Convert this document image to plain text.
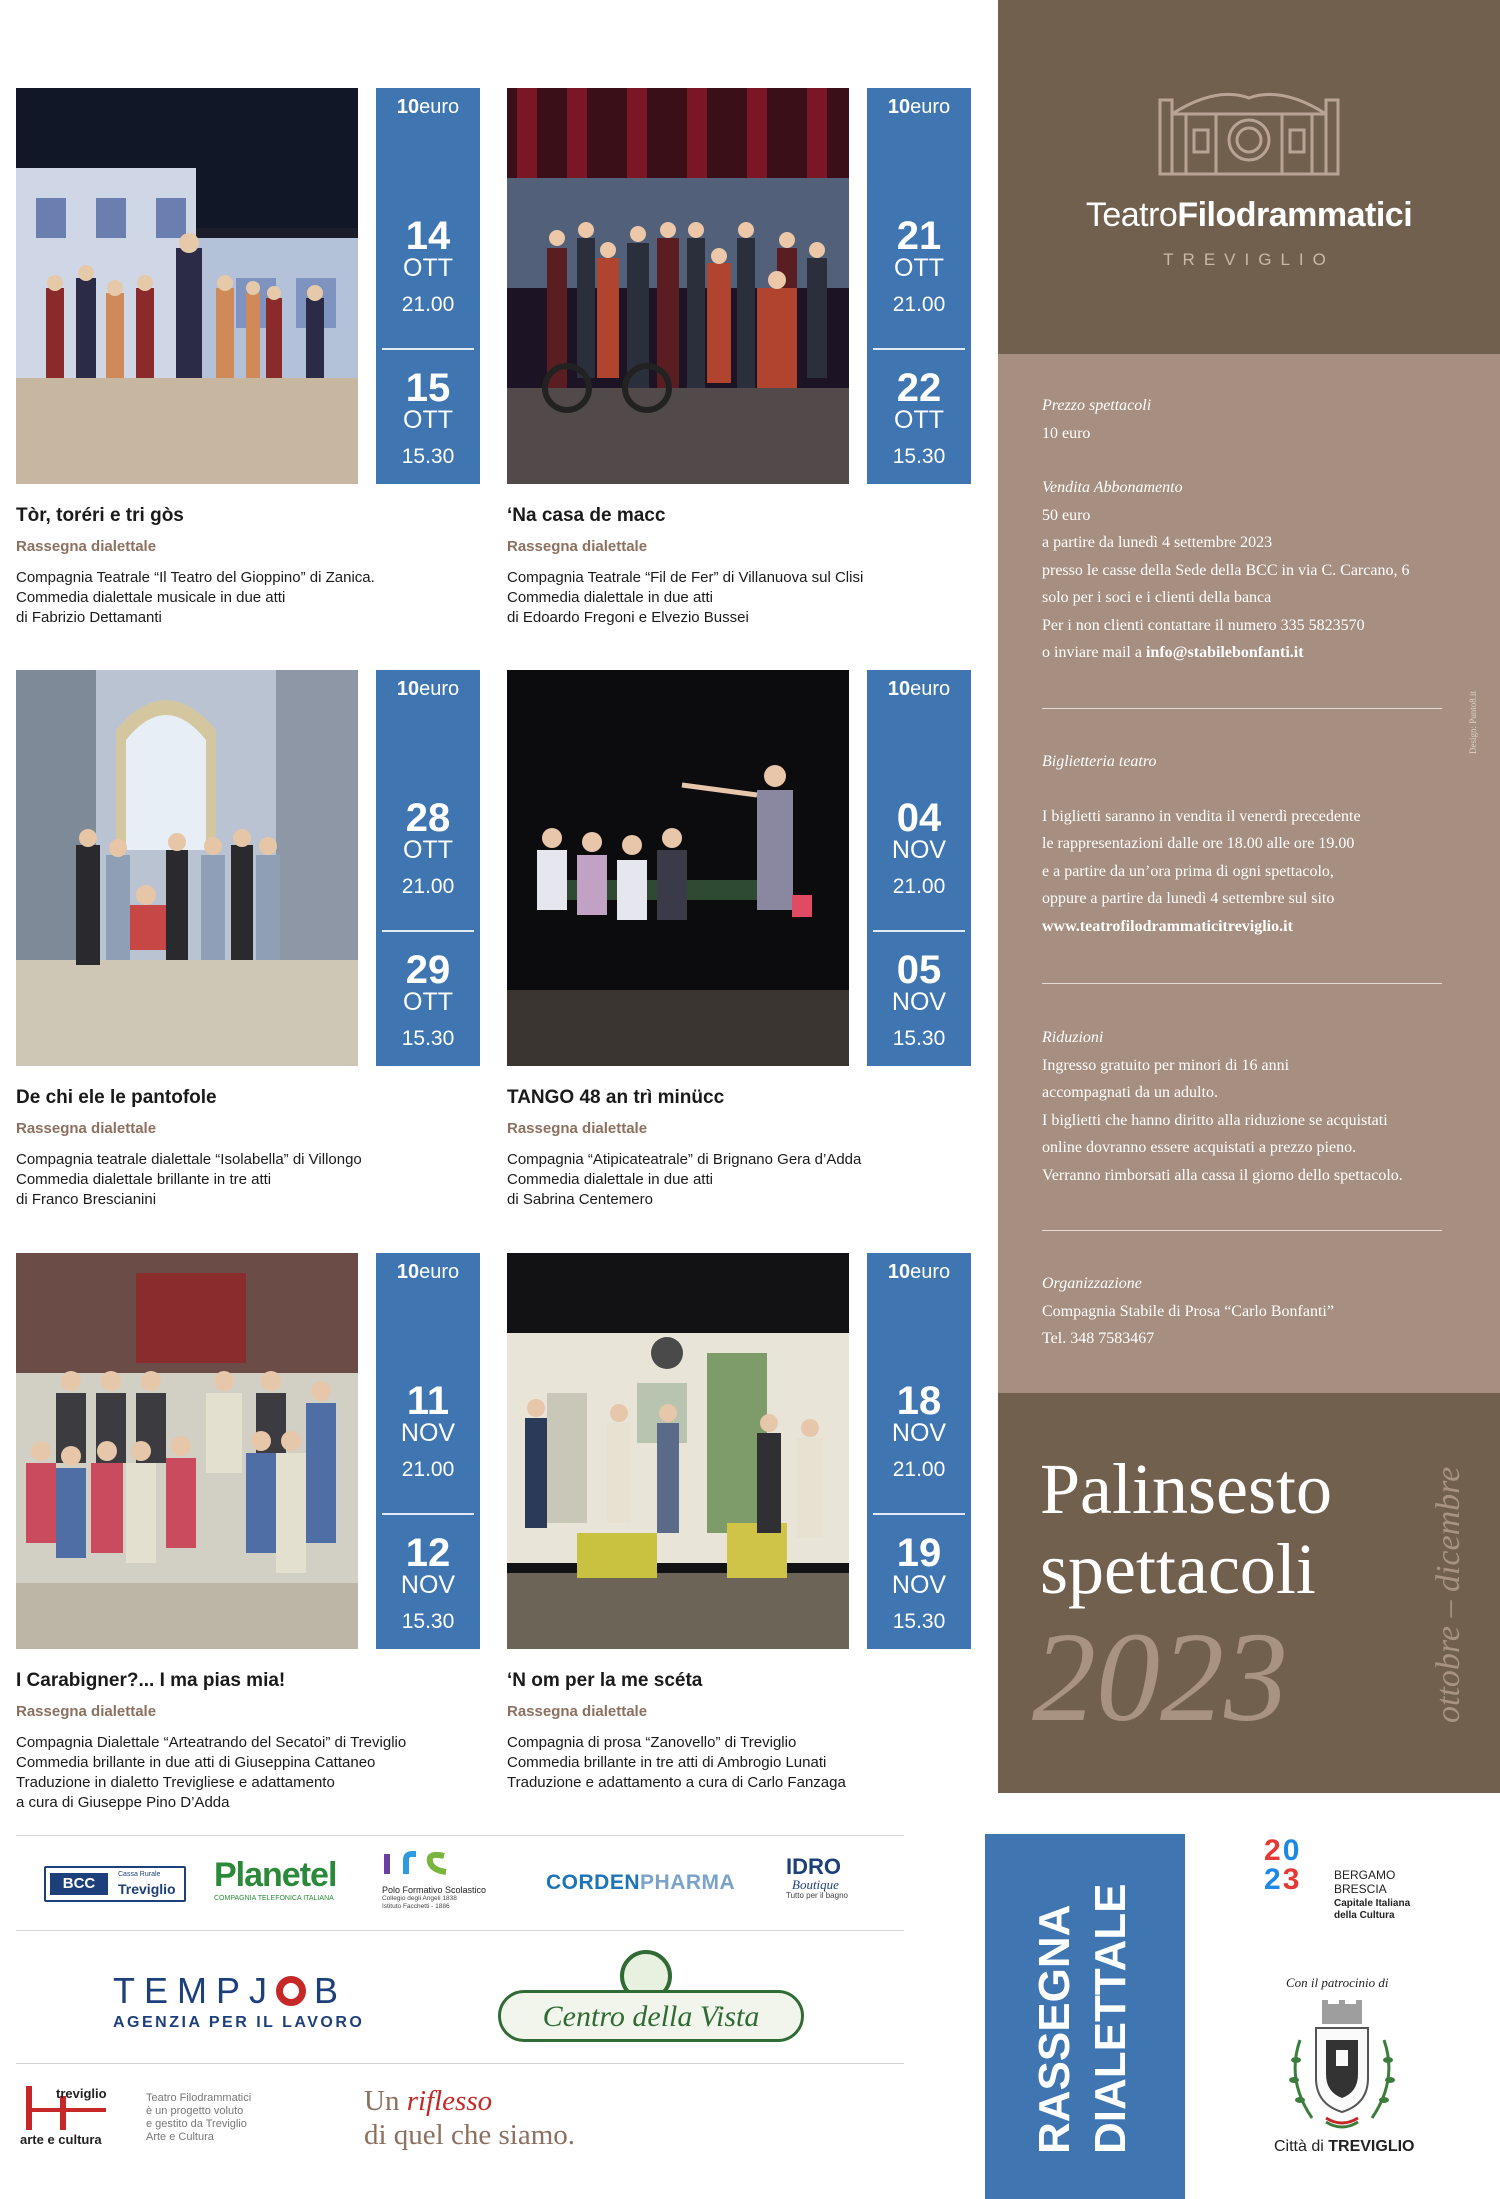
10euro
14
OTT
21.00
15
OTT
15.30
Tòr, toréri e tri gòs
Rassegna dialettale
Compagnia Teatrale “Il Teatro del Gioppino” di Zanica.
Commedia dialettale musicale in due atti
di Fabrizio Dettamanti
10euro
21
OTT
21.00
22
OTT
15.30
‘Na casa de macc
Rassegna dialettale
Compagnia Teatrale “Fil de Fer” di Villanuova sul Clisi
Commedia dialettale in due atti
di Edoardo Fregoni e Elvezio Bussei
10euro
28
OTT
21.00
29
OTT
15.30
De chi ele le pantofole
Rassegna dialettale
Compagnia teatrale dialettale “Isolabella” di Villongo
Commedia dialettale brillante in tre atti
di Franco Brescianini
10euro
04
NOV
21.00
05
NOV
15.30
TANGO 48 an trì minücc
Rassegna dialettale
Compagnia “Atipicateatrale” di Brignano Gera d’Adda
Commedia dialettale in due atti
di Sabrina Centemero
10euro
11
NOV
21.00
12
NOV
15.30
I Carabigner?... I ma pias mia!
Rassegna dialettale
Compagnia Dialettale “Arteatrando del Secatoi” di Treviglio
Commedia brillante in due atti di Giuseppina Cattaneo
Traduzione in dialetto Trevigliese e adattamento
a cura di Giuseppe Pino D’Adda
10euro
18
NOV
21.00
19
NOV
15.30
‘N om per la me scéta
Rassegna dialettale
Compagnia di prosa “Zanovello” di Treviglio
Commedia brillante in tre atti di Ambrogio Lunati
Traduzione e adattamento a cura di Carlo Fanzaga
TeatroFilodrammatici
TREVIGLIO
Design: Punto8.it
Prezzo spettacoli
10 euro
Vendita Abbonamento
50 euro
a partire da lunedì 4 settembre 2023
presso le casse della Sede della BCC in via C. Carcano, 6
solo per i soci e i clienti della banca
Per i non clienti contattare il numero 335 5823570
o inviare mail a info@stabilebonfanti.it
Biglietteria teatro
I biglietti saranno in vendita il venerdì precedente
le rappresentazioni dalle ore 18.00 alle ore 19.00
e a partire da un’ora prima di ogni spettacolo,
oppure a partire da lunedì 4 settembre sul sito
www.teatrofilodrammaticitreviglio.it
Riduzioni
Ingresso gratuito per minori di 16 anni
accompagnati da un adulto.
I biglietti che hanno diritto alla riduzione se acquistati
online dovranno essere acquistati a prezzo pieno.
Verranno rimborsati alla cassa il giorno dello spettacolo.
Organizzazione
Compagnia Stabile di Prosa “Carlo Bonfanti”
Tel. 348 7583467
Palinsesto
spettacoli
2023	ottobre – dicembre
RASSEGNA DIALETTALE
BCC
Cassa Rurale
Treviglio Planetel
COMPAGNIA TELEFONICA ITALIANA
Polo Formativo Scolastico
Collegio degli Angeli 1838
Istituto Facchetti - 1886
CORDENPHARMA
IDRO
Boutique
Tutto per il bagno
TEMPJ B
AGENZIA PER IL LAVORO	Centro della Vista
treviglio
arte e cultura
Teatro Filodrammatici
è un progetto voluto
e gestito da Treviglio
Arte e Cultura
Un riflesso
di quel che siamo.
20
23	BERGAMO
BRESCIA
Capitale Italiana
della Cultura
Con il patrocinio di
Città di TREVIGLIO
